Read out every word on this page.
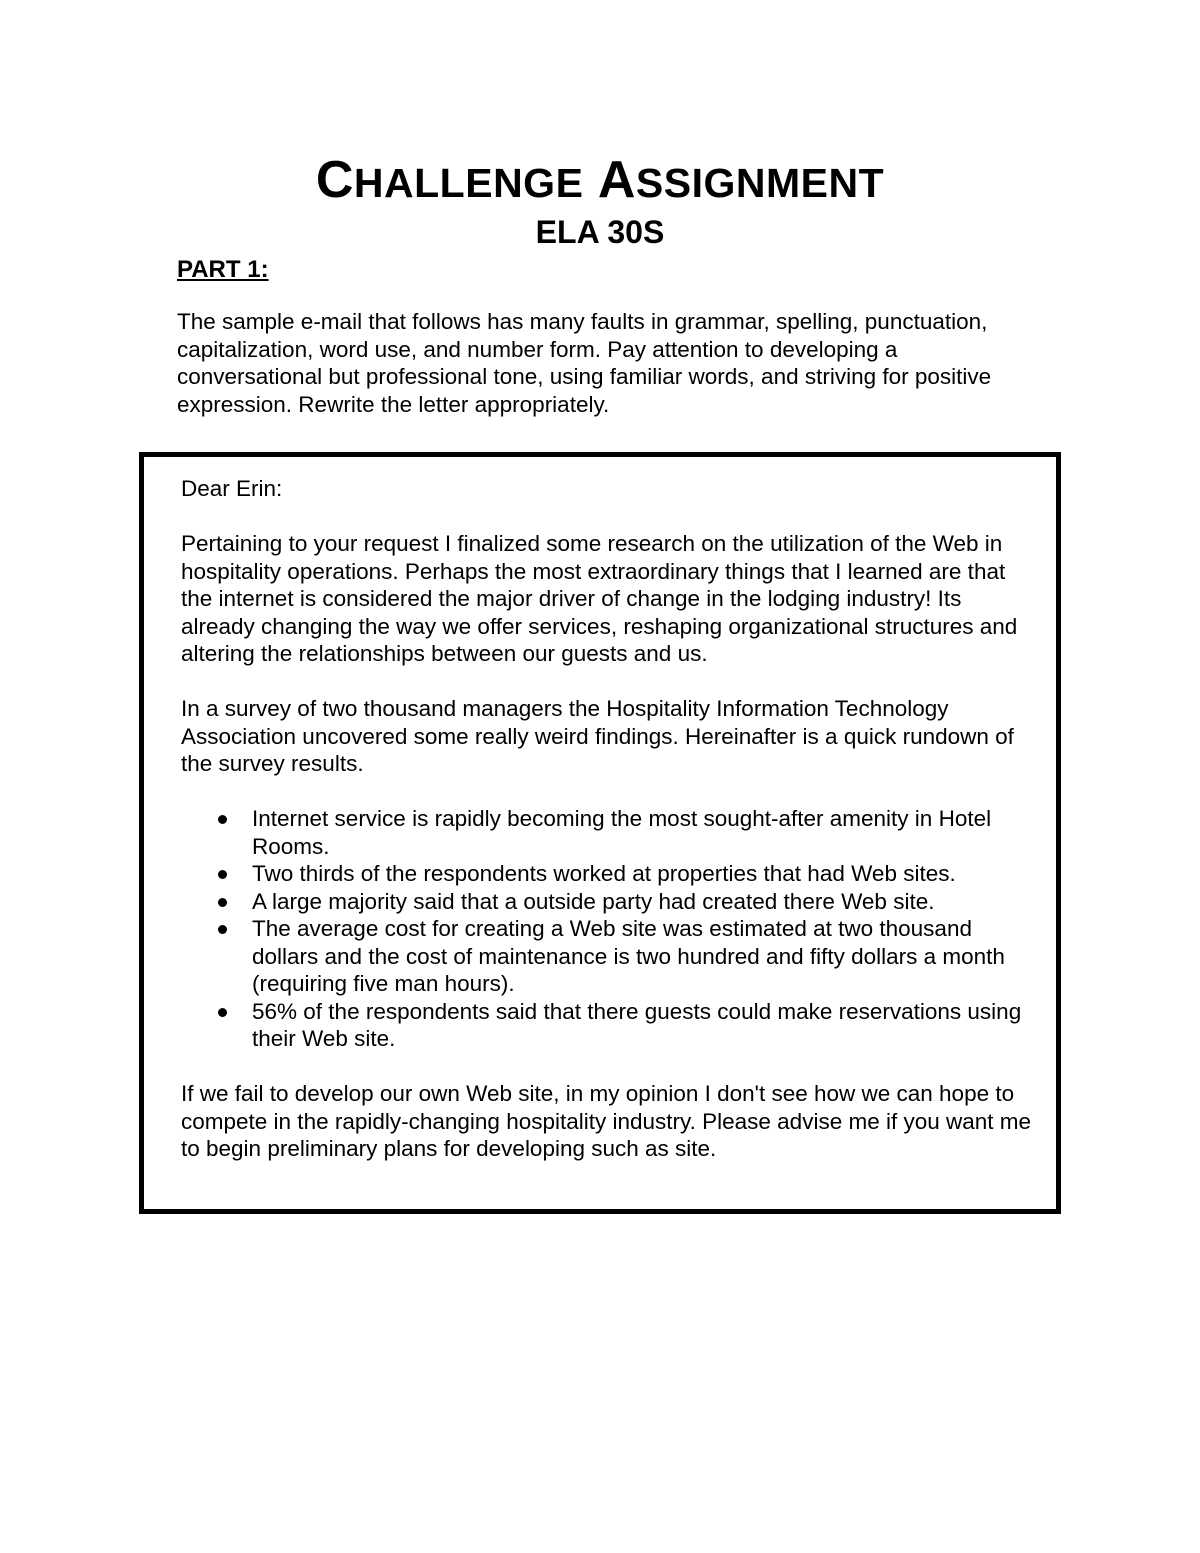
CHALLENGE ASSIGNMENT
ELA 30S
PART 1:

The sample e-mail that follows has many faults in grammar, spelling, punctuation, capitalization, word use, and number form. Pay attention to developing a conversational but professional tone, using familiar words, and striving for positive expression. Rewrite the letter appropriately.

Dear Erin:

Pertaining to your request I finalized some research on the utilization of the Web in hospitality operations. Perhaps the most extraordinary things that I learned are that the internet is considered the major driver of change in the lodging industry! Its already changing the way we offer services, reshaping organizational structures and altering the relationships between our guests and us.

In a survey of two thousand managers the Hospitality Information Technology Association uncovered some really weird findings. Hereinafter is a quick rundown of the survey results.

Internet service is rapidly becoming the most sought-after amenity in Hotel Rooms.
Two thirds of the respondents worked at properties that had Web sites.
A large majority said that a outside party had created there Web site.
The average cost for creating a Web site was estimated at two thousand dollars and the cost of maintenance is two hundred and fifty dollars a month (requiring five man hours).
56% of the respondents said that there guests could make reservations using their Web site.

If we fail to develop our own Web site, in my opinion I don't see how we can hope to compete in the rapidly-changing hospitality industry. Please advise me if you want me to begin preliminary plans for developing such as site.
